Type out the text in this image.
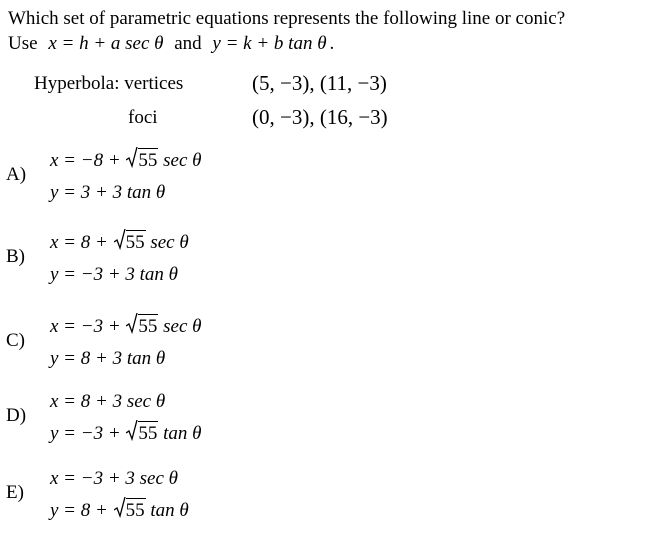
Which set of parametric equations represents the following line or conic?
Use x = h + a sec θ and y = k + b tan θ .
Hyperbola: vertices	(5, −3), (11, −3)
foci	(0, −3), (16, −3)
A)
x = −8 + 55 sec θ
y = 3 + 3 tan θ
B)
x = 8 + 55 sec θ
y = −3 + 3 tan θ
C)
x = −3 + 55 sec θ
y = 8 + 3 tan θ
D)
x = 8 + 3 sec θ
y = −3 + 55 tan θ
E)
x = −3 + 3 sec θ
y = 8 + 55 tan θ
